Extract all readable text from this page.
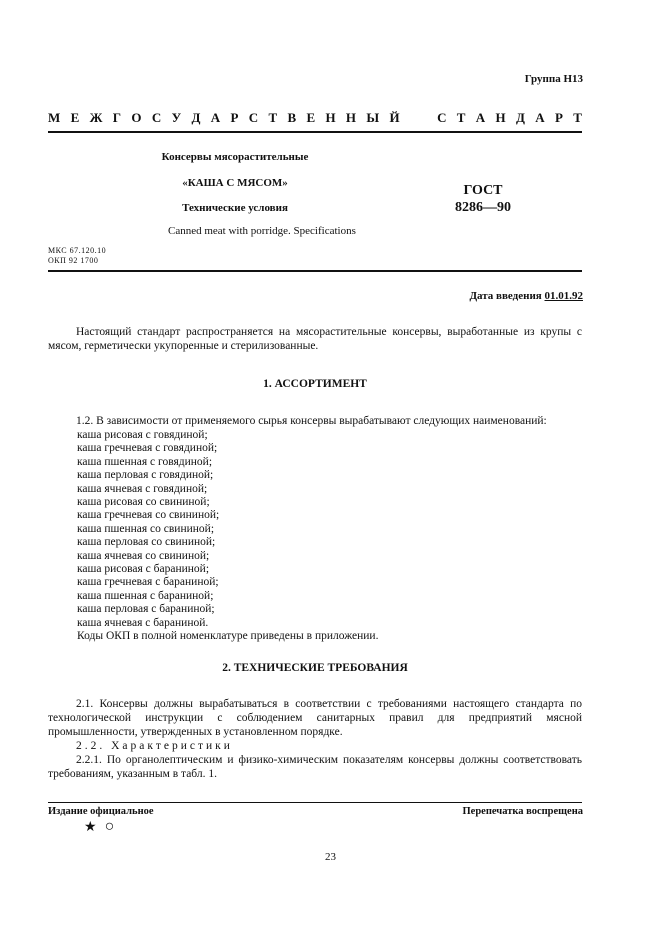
Группа Н13
М Е Ж Г О С У Д А Р С Т В Е Н Н Ы Й

	С Т А Н Д А Р Т
Консервы мясорастительные
«КАША С МЯСОМ»
Технические условия
Canned meat with porridge. Specifications
ГОСТ
8286—90
МКС 67.120.10
ОКП 92 1700
Дата введения 01.01.92
Настоящий стандарт распространяется на мясорастительные консервы, выработанные из крупы с мясом, герметически укупоренные и стерилизованные.
1. АССОРТИМЕНТ
1.2. В зависимости от применяемого сырья консервы вырабатывают следующих наименований:
каша рисовая с говядиной;
каша гречневая с говядиной;
каша пшенная с говядиной;
каша перловая с говядиной;
каша ячневая с говядиной;
каша рисовая со свининой;
каша гречневая со свининой;
каша пшенная со свининой;
каша перловая со свининой;
каша ячневая со свининой;
каша рисовая с бараниной;
каша гречневая с бараниной;
каша пшенная с бараниной;
каша перловая с бараниной;
каша ячневая с бараниной.
Коды ОКП в полной номенклатуре приведены в приложении.
2. ТЕХНИЧЕСКИЕ ТРЕБОВАНИЯ
2.1. Консервы должны вырабатываться в соответствии с требованиями настоящего стандарта по технологической инструкции с соблюдением санитарных правил для предприятий мясной промышленности, утвержденных в установленном порядке.
2.2. Характеристики
2.2.1. По органолептическим и физико-химическим показателям консервы должны соответствовать требованиям, указанным в табл. 1.
Издание официальное	Перепечатка воспрещена
★ ○
23
